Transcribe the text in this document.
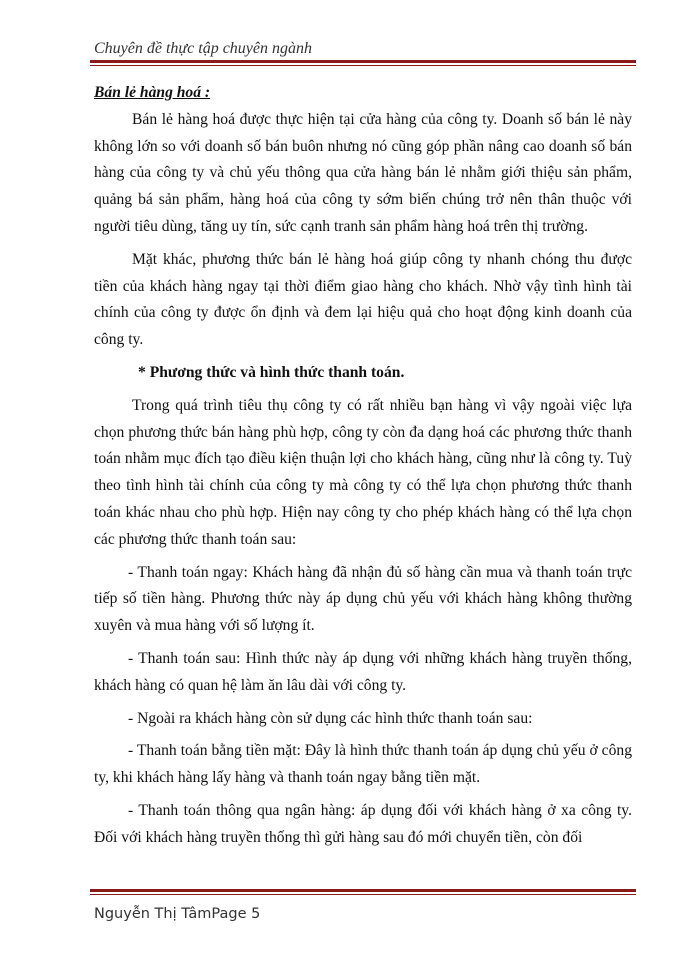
Chuyên đề thực tập chuyên ngành

Bán lẻ hàng hoá :

Bán lẻ hàng hoá được thực hiện tại cửa hàng của công ty. Doanh số bán lẻ này không lớn so với doanh số bán buôn nhưng nó cũng góp phần nâng cao doanh số bán hàng của công ty và chủ yếu thông qua cửa hàng bán lẻ nhằm giới thiệu sản phẩm, quảng bá sản phẩm, hàng hoá của công ty sớm biến chúng trở nên thân thuộc với người tiêu dùng, tăng uy tín, sức cạnh tranh sản phẩm hàng hoá trên thị trường.

Mặt khác, phương thức bán lẻ hàng hoá giúp công ty nhanh chóng thu được tiền của khách hàng ngay tại thời điểm giao hàng cho khách. Nhờ vậy tình hình tài chính của công ty được ổn định và đem lại hiệu quả cho hoạt động kinh doanh của công ty.

* Phương thức và hình thức thanh toán.

Trong quá trình tiêu thụ công ty có rất nhiều bạn hàng vì vậy ngoài việc lựa chọn phương thức bán hàng phù hợp, công ty còn đa dạng hoá các phương thức thanh toán nhằm mục đích tạo điều kiện thuận lợi cho khách hàng, cũng như là công ty. Tuỳ theo tình hình tài chính của công ty mà công ty có thể lựa chọn phương thức thanh toán khác nhau cho phù hợp. Hiện nay công ty cho phép khách hàng có thể lựa chọn các phương thức thanh toán sau:

- Thanh toán ngay: Khách hàng đã nhận đủ số hàng cần mua và thanh toán trực tiếp số tiền hàng. Phương thức này áp dụng chủ yếu với khách hàng không thường xuyên và mua hàng với số lượng ít.

- Thanh toán sau: Hình thức này áp dụng với những khách hàng truyền thống, khách hàng có quan hệ làm ăn lâu dài với công ty.

- Ngoài ra khách hàng còn sử dụng các hình thức thanh toán sau:

- Thanh toán bằng tiền mặt: Đây là hình thức thanh toán áp dụng chủ yếu ở công ty, khi khách hàng lấy hàng và thanh toán ngay bằng tiền mặt.

- Thanh toán thông qua ngân hàng: áp dụng đối với khách hàng ở xa công ty. Đối với khách hàng truyền thống thì gửi hàng sau đó mới chuyển tiền, còn đối

Nguyễn Thị TâmPage 5
